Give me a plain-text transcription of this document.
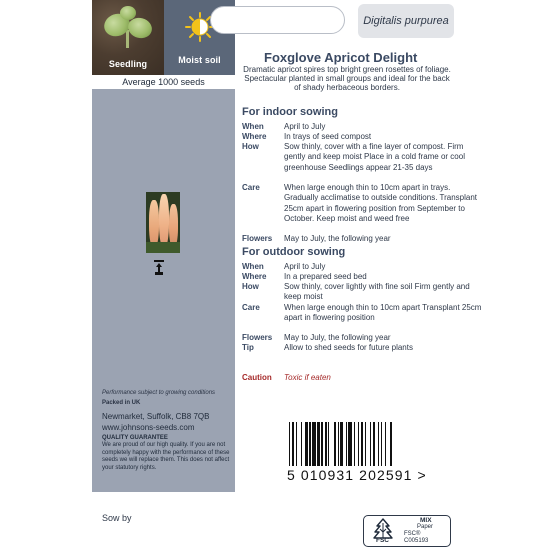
Seedling	Moist soil
Average 1000 seeds
Performance subject to growing conditions
Packed in UK
Newmarket, Suffolk, CB8 7QB
www.johnsons-seeds.com
QUALITY GUARANTEE
We are proud of our high quality. If you are not completely happy with the performance of these seeds we will replace them. This does not affect your statutory rights.
Digitalis purpurea
Foxglove Apricot Delight
Dramatic apricot spires top bright green rosettes of foliage. Spectacular planted in small groups and ideal for the back of shady herbaceous borders.
For indoor sowing
When	April to July
Where	In trays of seed compost
How	Sow thinly, cover with a fine layer of compost. Firm gently and keep moist Place in a cold frame or cool greenhouse Seedlings appear 21-35 days
Care	When large enough thin to 10cm apart in trays. Gradually acclimatise to outside conditions. Transplant 25cm apart in flowering position from September to October. Keep moist and weed free
Flowers	May to July, the following year
For outdoor sowing
When	April to July
Where	In a prepared seed bed
How	Sow thinly, cover lightly with fine soil Firm gently and keep moist
Care	When large enough thin to 10cm apart Transplant 25cm apart in flowering position
Flowers	May to July, the following year
Tip	Allow to shed seeds for future plants
Caution	Toxic if eaten
5 010931 202591 >
Sow by
FSC
MIX
Paper
FSC® C005193
